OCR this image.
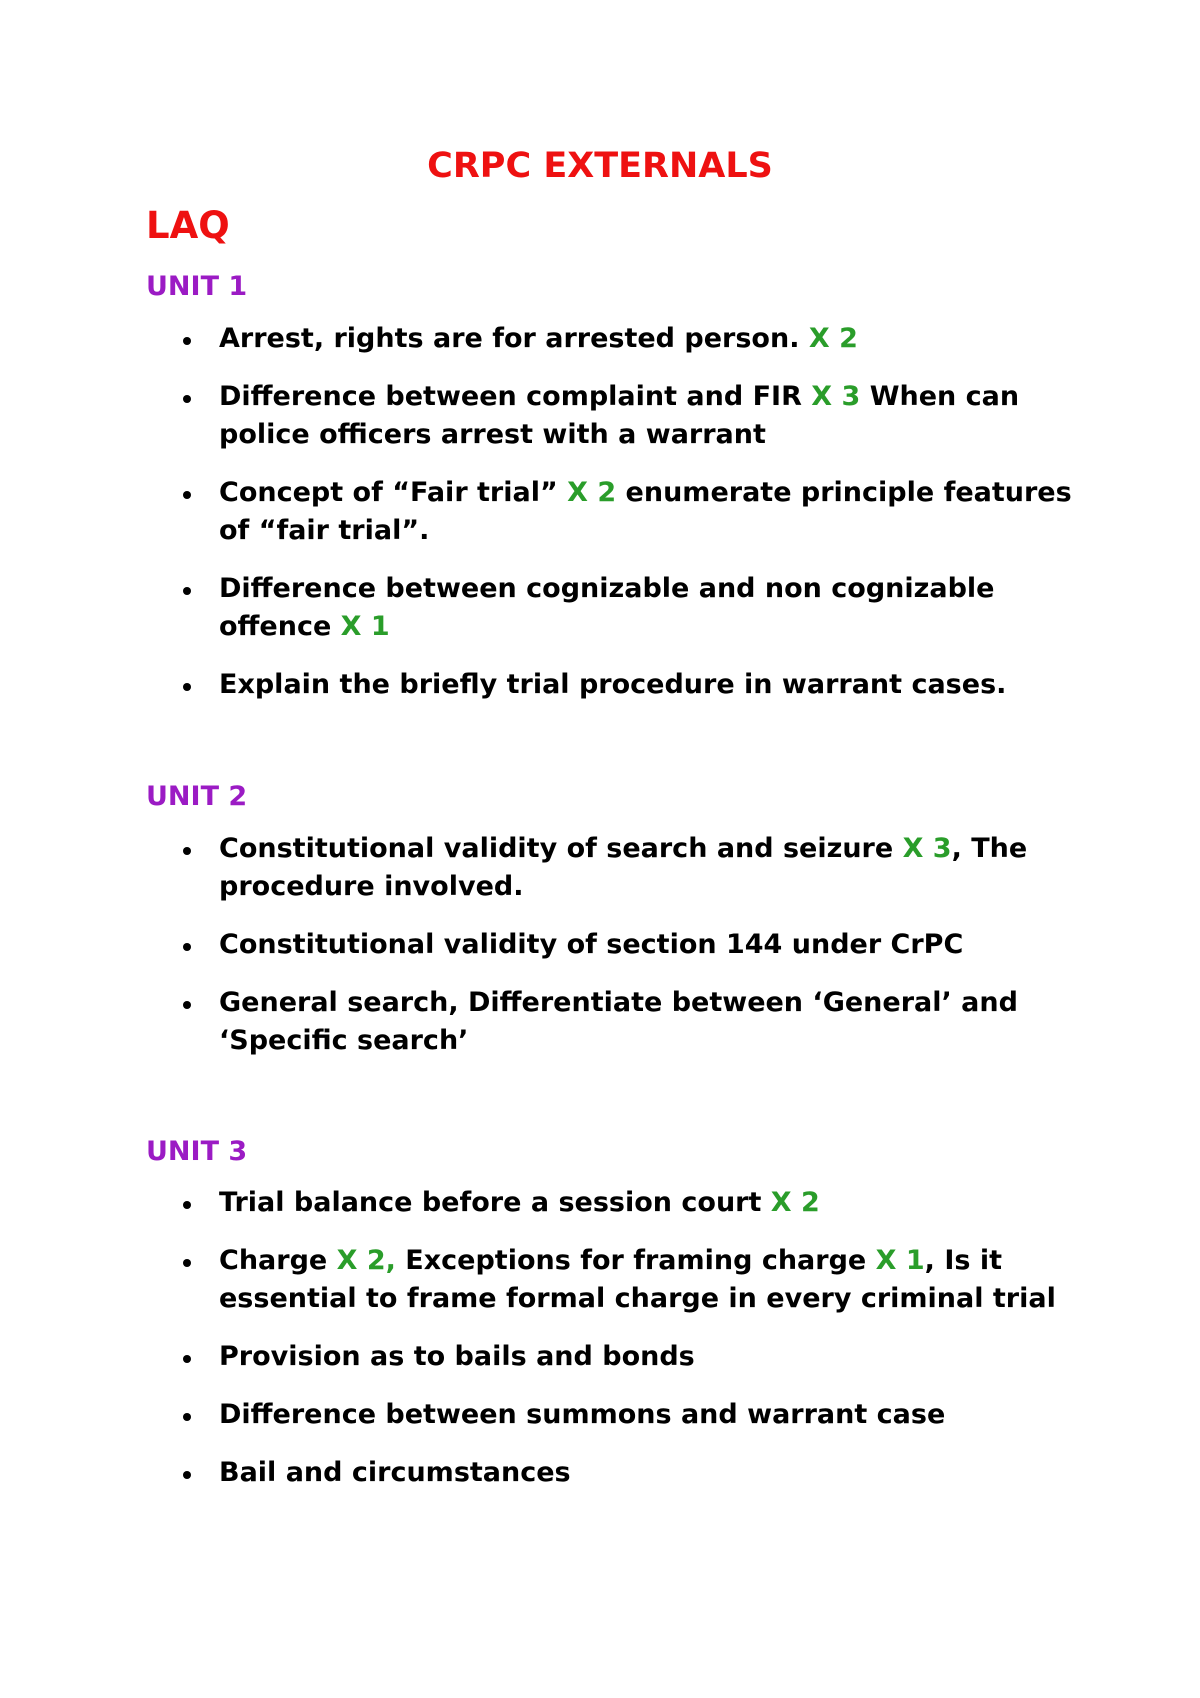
CRPC EXTERNALS
LAQ
UNIT 1
Arrest, rights are for arrested person. X 2
Difference between complaint and FIR X 3 When can police officers arrest with a warrant
Concept of “Fair trial” X 2 enumerate principle features of “fair trial”.
Difference between cognizable and non cognizable offence X 1
Explain the briefly trial procedure in warrant cases.
UNIT 2
Constitutional validity of search and seizure X 3, The procedure involved.
Constitutional validity of section 144 under CrPC
General search, Differentiate between ‘General’ and ‘Specific search’
UNIT 3
Trial balance before a session court X 2
Charge X 2, Exceptions for framing charge X 1, Is it essential to frame formal charge in every criminal trial
Provision as to bails and bonds
Difference between summons and warrant case
Bail and circumstances
